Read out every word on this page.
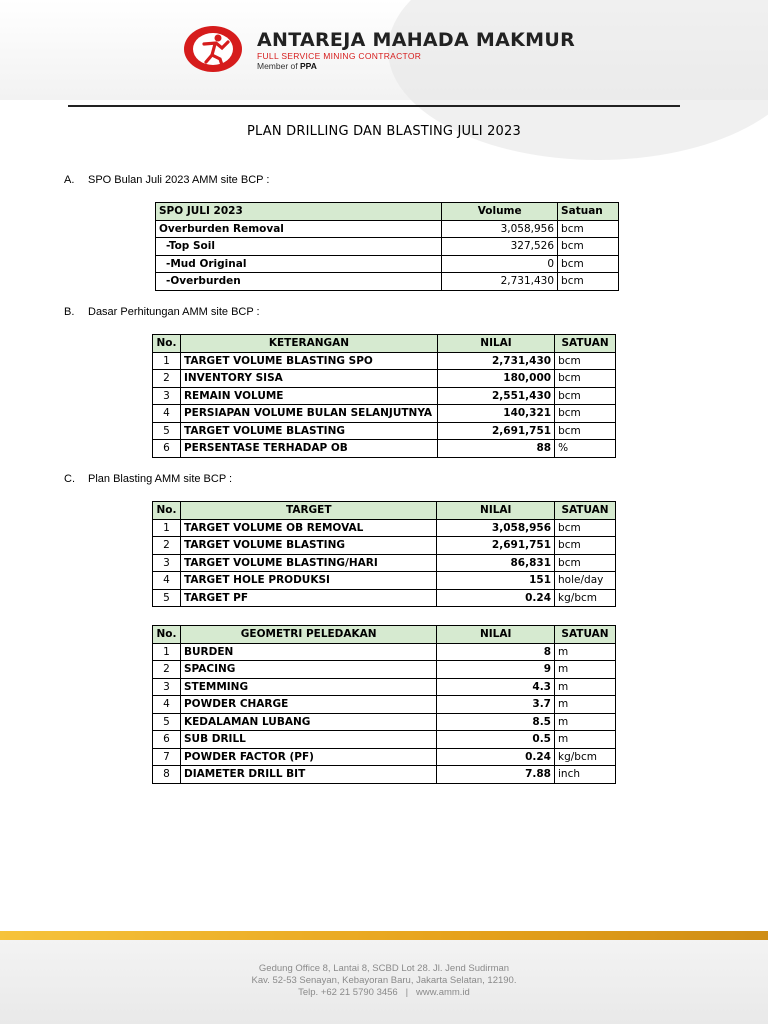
ANTAREJA MAHADA MAKMUR
FULL SERVICE MINING CONTRACTOR
Member of PPA
PLAN DRILLING DAN BLASTING JULI 2023
A. SPO Bulan Juli 2023 AMM site BCP :
SPO JULI 2023	Volume	Satuan
Overburden Removal	3,058,956	bcm
-Top Soil	327,526	bcm
-Mud Original	0	bcm
-Overburden	2,731,430	bcm
B. Dasar Perhitungan AMM site BCP :
No.	KETERANGAN	NILAI	SATUAN
1	TARGET VOLUME BLASTING SPO	2,731,430	bcm
2	INVENTORY SISA	180,000	bcm
3	REMAIN VOLUME	2,551,430	bcm
4	PERSIAPAN VOLUME BULAN SELANJUTNYA	140,321	bcm
5	TARGET VOLUME BLASTING	2,691,751	bcm
6	PERSENTASE TERHADAP OB	88	%
C. Plan Blasting AMM site BCP :
No.	TARGET	NILAI	SATUAN
1	TARGET VOLUME OB REMOVAL	3,058,956	bcm
2	TARGET VOLUME BLASTING	2,691,751	bcm
3	TARGET VOLUME BLASTING/HARI	86,831	bcm
4	TARGET HOLE PRODUKSI	151	hole/day
5	TARGET PF	0.24	kg/bcm
No.	GEOMETRI PELEDAKAN	NILAI	SATUAN
1	BURDEN	8	m
2	SPACING	9	m
3	STEMMING	4.3	m
4	POWDER CHARGE	3.7	m
5	KEDALAMAN LUBANG	8.5	m
6	SUB DRILL	0.5	m
7	POWDER FACTOR (PF)	0.24	kg/bcm
8	DIAMETER DRILL BIT	7.88	inch
Gedung Office 8, Lantai 8, SCBD Lot 28. Jl. Jend Sudirman
Kav. 52-53 Senayan, Kebayoran Baru, Jakarta Selatan, 12190.
Telp. +62 21 5790 3456   |   www.amm.id
